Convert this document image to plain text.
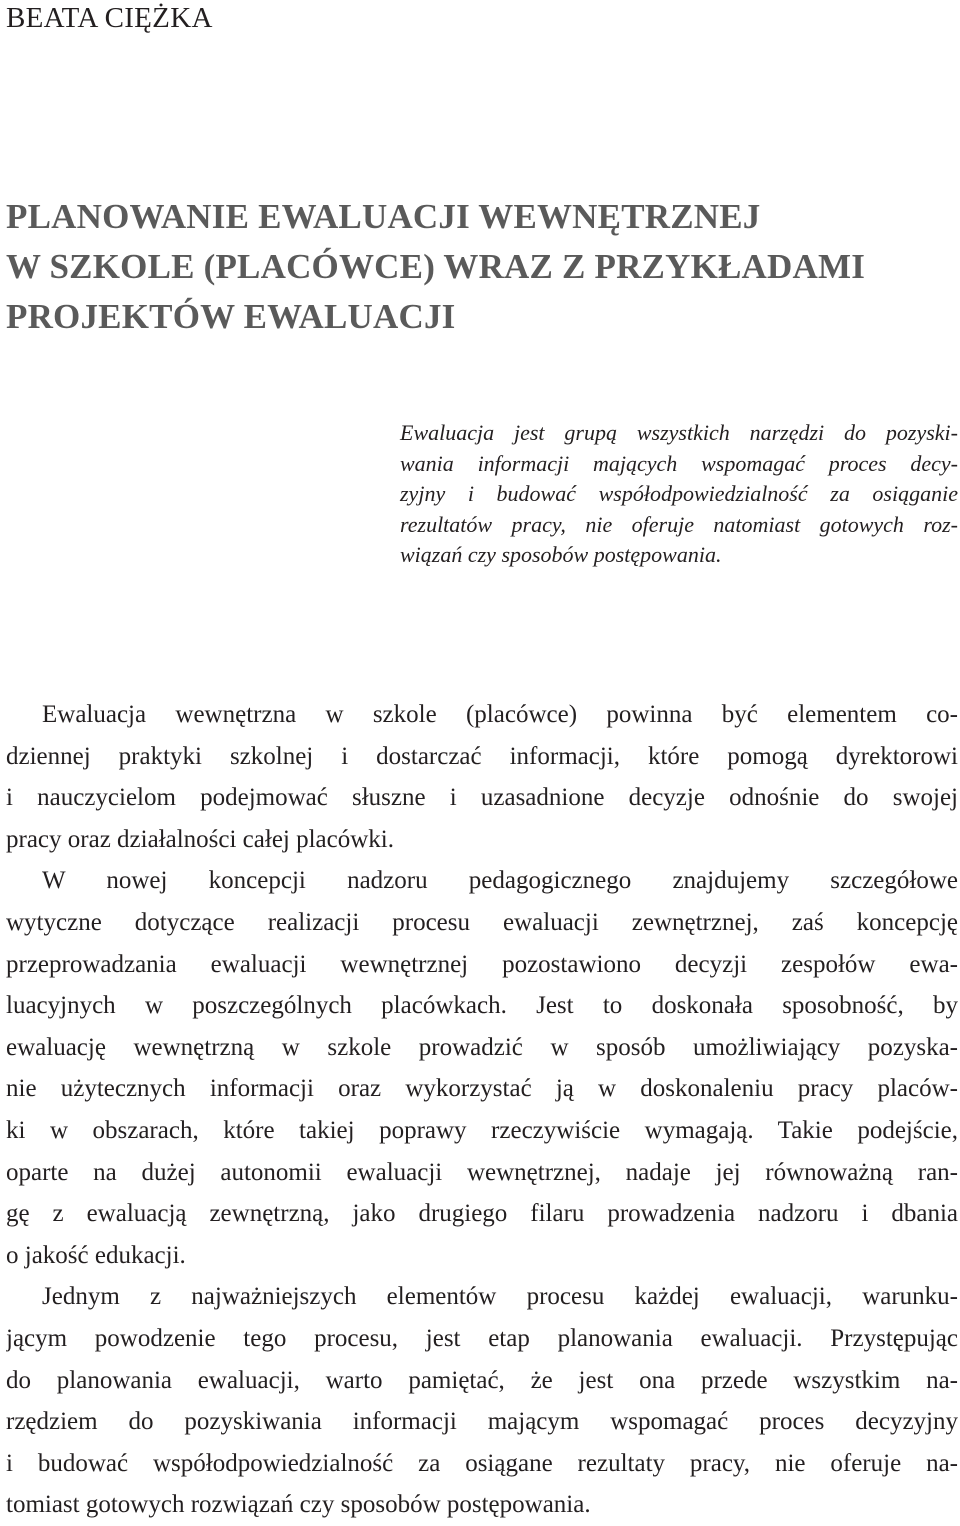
BEATA CIĘŻKA
PLANOWANIE EWALUACJI WEWNĘTRZNEJ
W SZKOLE (PLACÓWCE) WRAZ Z PRZYKŁADAMI
PROJEKTÓW EWALUACJI
Ewaluacja jest grupą wszystkich narzędzi do pozyski-
wania informacji mających wspomagać proces decy-
zyjny i budować współodpowiedzialność za osiąganie
rezultatów pracy, nie oferuje natomiast gotowych roz-
wiązań czy sposobów postępowania.
Ewaluacja wewnętrzna w szkole (placówce) powinna być elementem co-
dziennej praktyki szkolnej i dostarczać informacji, które pomogą dyrektorowi
i nauczycielom podejmować słuszne i uzasadnione decyzje odnośnie do swojej
pracy oraz działalności całej placówki.
W nowej koncepcji nadzoru pedagogicznego znajdujemy szczegółowe
wytyczne dotyczące realizacji procesu ewaluacji zewnętrznej, zaś koncepcję
przeprowadzania ewaluacji wewnętrznej pozostawiono decyzji zespołów ewa-
luacyjnych w poszczególnych placówkach. Jest to doskonała sposobność, by
ewaluację wewnętrzną w szkole prowadzić w sposób umożliwiający pozyska-
nie użytecznych informacji oraz wykorzystać ją w doskonaleniu pracy placów-
ki w obszarach, które takiej poprawy rzeczywiście wymagają. Takie podejście,
oparte na dużej autonomii ewaluacji wewnętrznej, nadaje jej równoważną ran-
gę z ewaluacją zewnętrzną, jako drugiego filaru prowadzenia nadzoru i dbania
o jakość edukacji.
Jednym z najważniejszych elementów procesu każdej ewaluacji, warunku-
jącym powodzenie tego procesu, jest etap planowania ewaluacji. Przystępując
do planowania ewaluacji, warto pamiętać, że jest ona przede wszystkim na-
rzędziem do pozyskiwania informacji mającym wspomagać proces decyzyjny
i budować współodpowiedzialność za osiągane rezultaty pracy, nie oferuje na-
tomiast gotowych rozwiązań czy sposobów postępowania.
